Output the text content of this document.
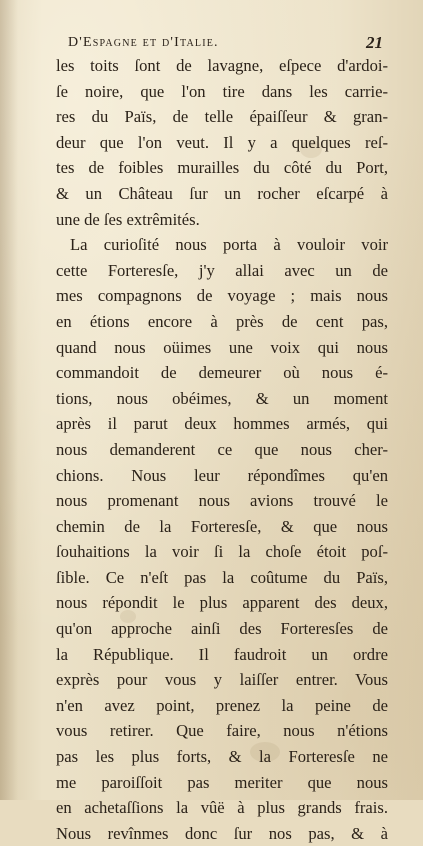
D'Espagne et d'Italie.	21
les toits ſont de lavagne, eſpece d'ardoi-
ſe noire, que l'on tire dans les carrie-
res du Païs, de telle épaiſſeur & gran-
deur que l'on veut. Il y a quelques reſ-
tes de foibles murailles du côté du Port,
& un Château ſur un rocher eſcarpé à
une de ſes extrêmités.
La curioſité nous porta à vouloir voir
cette Forteresſe, j'y allai avec un de
mes compagnons de voyage ; mais nous
en étions encore à près de cent pas,
quand nous oüimes une voix qui nous
commandoit de demeurer où nous é-
tions, nous obéimes, & un moment
après il parut deux hommes armés, qui
nous demanderent ce que nous cher-
chions. Nous leur répondîmes qu'en
nous promenant nous avions trouvé le
chemin de la Forteresſe, & que nous
ſouhaitions la voir ſi la choſe étoit poſ-
ſible. Ce n'eſt pas la coûtume du Païs,
nous répondit le plus apparent des deux,
qu'on approche ainſi des Forteresſes de
la République. Il faudroit un ordre
exprès pour vous y laiſſer entrer. Vous
n'en avez point, prenez la peine de
vous retirer. Que faire, nous n'étions
pas les plus forts, & la Forteresſe ne
me paroiſſoit pas meriter que nous
en achetaſſions la vûë à plus grands frais.
Nous revînmes donc ſur nos pas, & à
